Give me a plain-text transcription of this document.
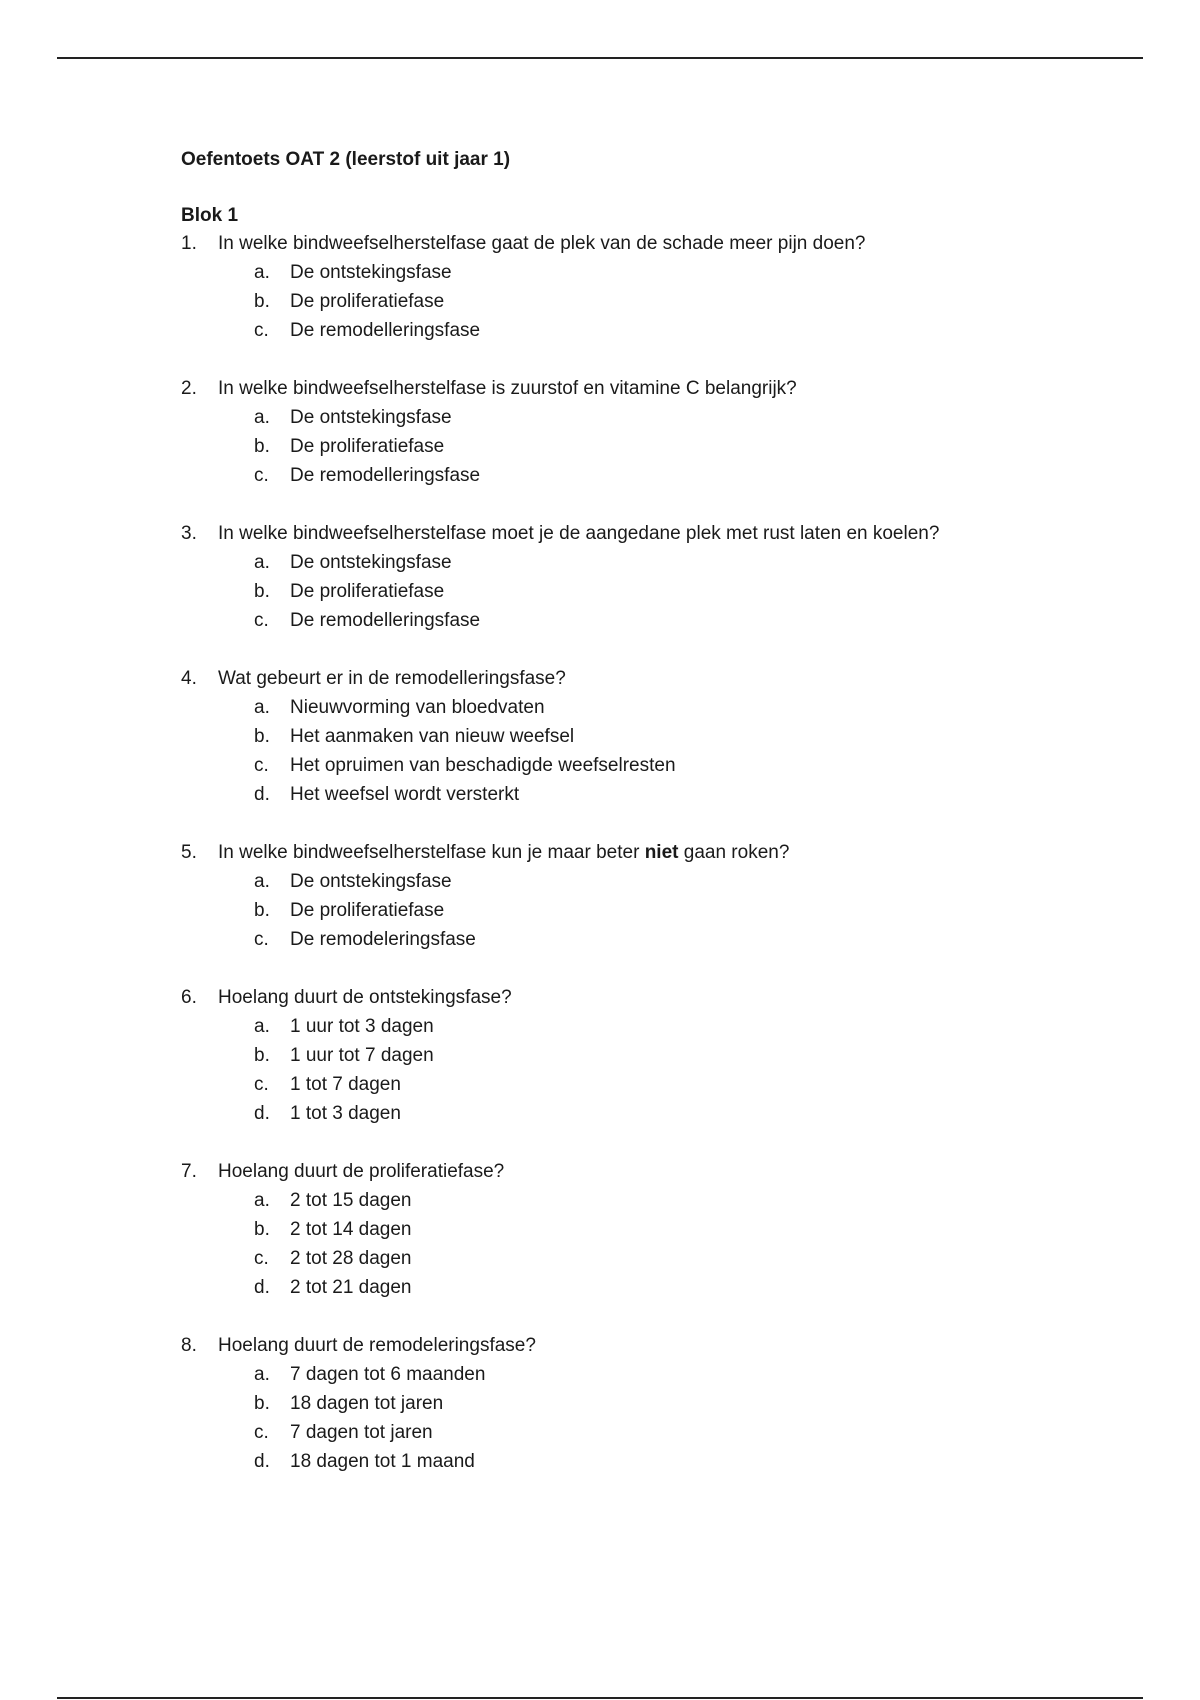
Oefentoets OAT 2 (leerstof uit jaar 1)
Blok 1
1. In welke bindweefselherstelfase gaat de plek van de schade meer pijn doen?
a. De ontstekingsfase
b. De proliferatiefase
c. De remodelleringsfase
2. In welke bindweefselherstelfase is zuurstof en vitamine C belangrijk?
a. De ontstekingsfase
b. De proliferatiefase
c. De remodelleringsfase
3. In welke bindweefselherstelfase moet je de aangedane plek met rust laten en koelen?
a. De ontstekingsfase
b. De proliferatiefase
c. De remodelleringsfase
4. Wat gebeurt er in de remodelleringsfase?
a. Nieuwvorming van bloedvaten
b. Het aanmaken van nieuw weefsel
c. Het opruimen van beschadigde weefselresten
d. Het weefsel wordt versterkt
5. In welke bindweefselherstelfase kun je maar beter niet gaan roken?
a. De ontstekingsfase
b. De proliferatiefase
c. De remodeleringsfase
6. Hoelang duurt de ontstekingsfase?
a. 1 uur tot 3 dagen
b. 1 uur tot 7 dagen
c. 1 tot 7 dagen
d. 1 tot 3 dagen
7. Hoelang duurt de proliferatiefase?
a. 2 tot 15 dagen
b. 2 tot 14 dagen
c. 2 tot 28 dagen
d. 2 tot 21 dagen
8. Hoelang duurt de remodeleringsfase?
a. 7 dagen tot 6 maanden
b. 18 dagen tot jaren
c. 7 dagen tot jaren
d. 18 dagen tot 1 maand
